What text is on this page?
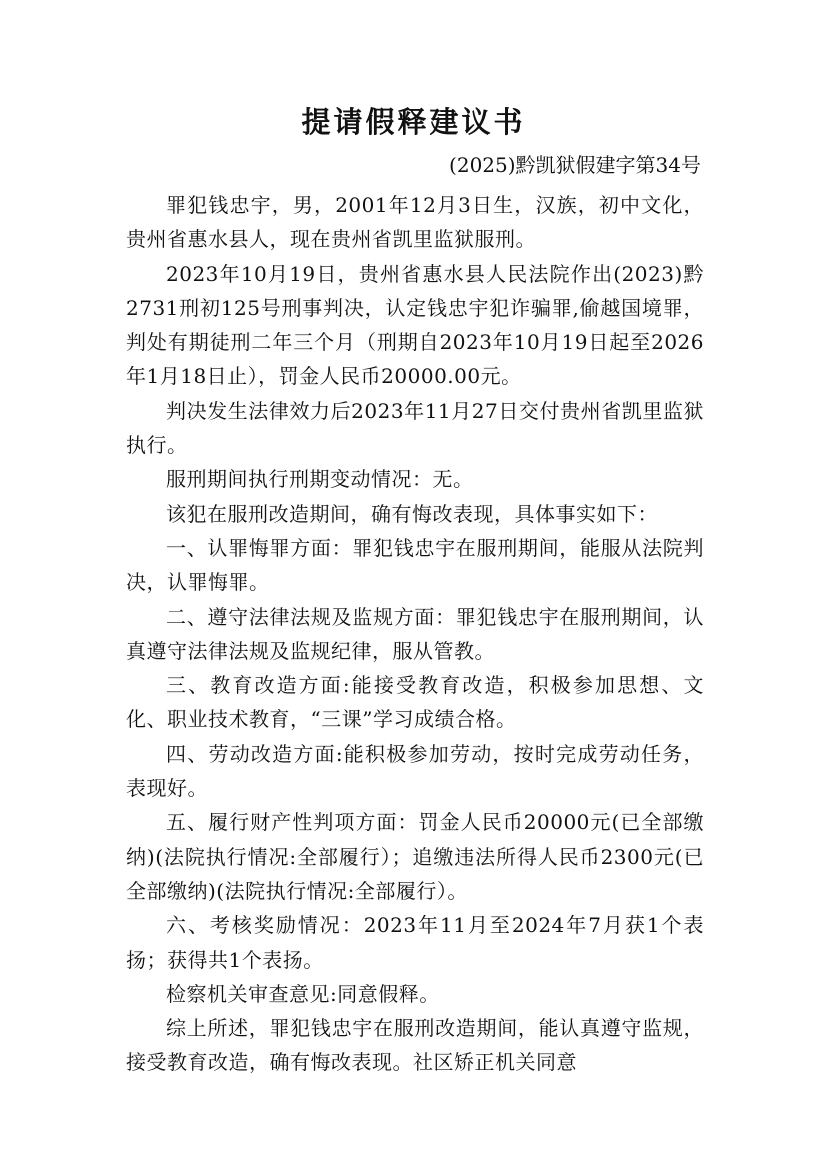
提请假释建议书
(2025)黔凯狱假建字第34号

罪犯钱忠宇，男，2001年12月3日生，汉族，初中文化，贵州省惠水县人，现在贵州省凯里监狱服刑。

2023年10月19日，贵州省惠水县人民法院作出(2023)黔2731刑初125号刑事判决，认定钱忠宇犯诈骗罪,偷越国境罪，判处有期徒刑二年三个月（刑期自2023年10月19日起至2026年1月18日止），罚金人民币20000.00元。

判决发生法律效力后2023年11月27日交付贵州省凯里监狱执行。

服刑期间执行刑期变动情况：无。

该犯在服刑改造期间，确有悔改表现，具体事实如下：

一、认罪悔罪方面：罪犯钱忠宇在服刑期间，能服从法院判决，认罪悔罪。

二、遵守法律法规及监规方面：罪犯钱忠宇在服刑期间，认真遵守法律法规及监规纪律，服从管教。

三、教育改造方面:能接受教育改造，积极参加思想、文化、职业技术教育，“三课”学习成绩合格。

四、劳动改造方面:能积极参加劳动，按时完成劳动任务，表现好。

五、履行财产性判项方面：罚金人民币20000元(已全部缴纳)(法院执行情况:全部履行）；追缴违法所得人民币2300元(已全部缴纳)(法院执行情况:全部履行）。

六、考核奖励情况：2023年11月至2024年7月获1个表扬；获得共1个表扬。

检察机关审查意见:同意假释。

综上所述，罪犯钱忠宇在服刑改造期间，能认真遵守监规，接受教育改造，确有悔改表现。社区矫正机关同意
